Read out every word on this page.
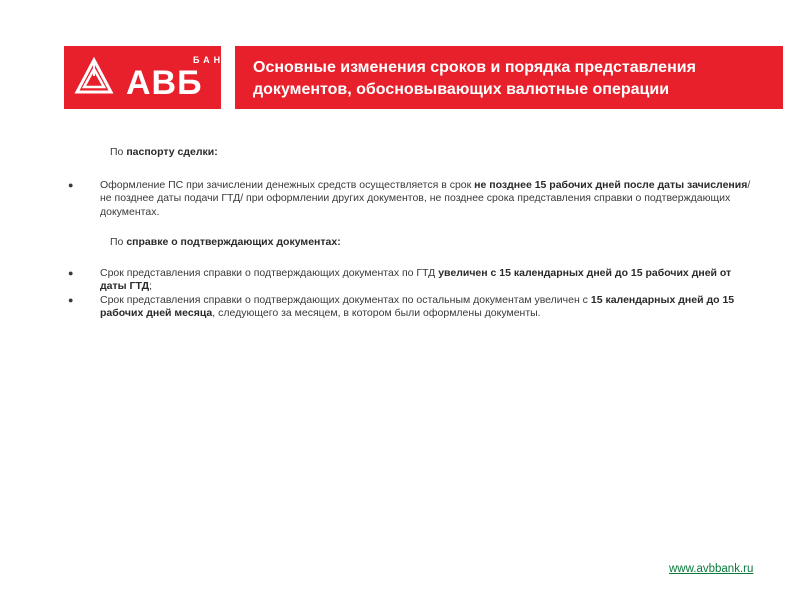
БАНК
АВБ	Основные изменения сроков и порядка представления
документов, обосновывающих валютные операции
По паспорту сделки:
●	Оформление ПС при зачислении денежных средств осуществляется в срок не позднее 15 рабочих дней после даты зачисления/не позднее даты подачи ГТД/ при оформлении других документов, не позднее срока представления справки о подтверждающих документах.
По справке о подтверждающих документах:
●	Срок представления справки о подтверждающих документах по ГТД увеличен с 15 календарных дней до 15 рабочих дней от даты ГТД;
●	Срок представления справки о подтверждающих документах по остальным документам увеличен с 15 календарных дней до 15 рабочих дней месяца, следующего за месяцем, в котором были оформлены документы.
www.avbbank.ru
